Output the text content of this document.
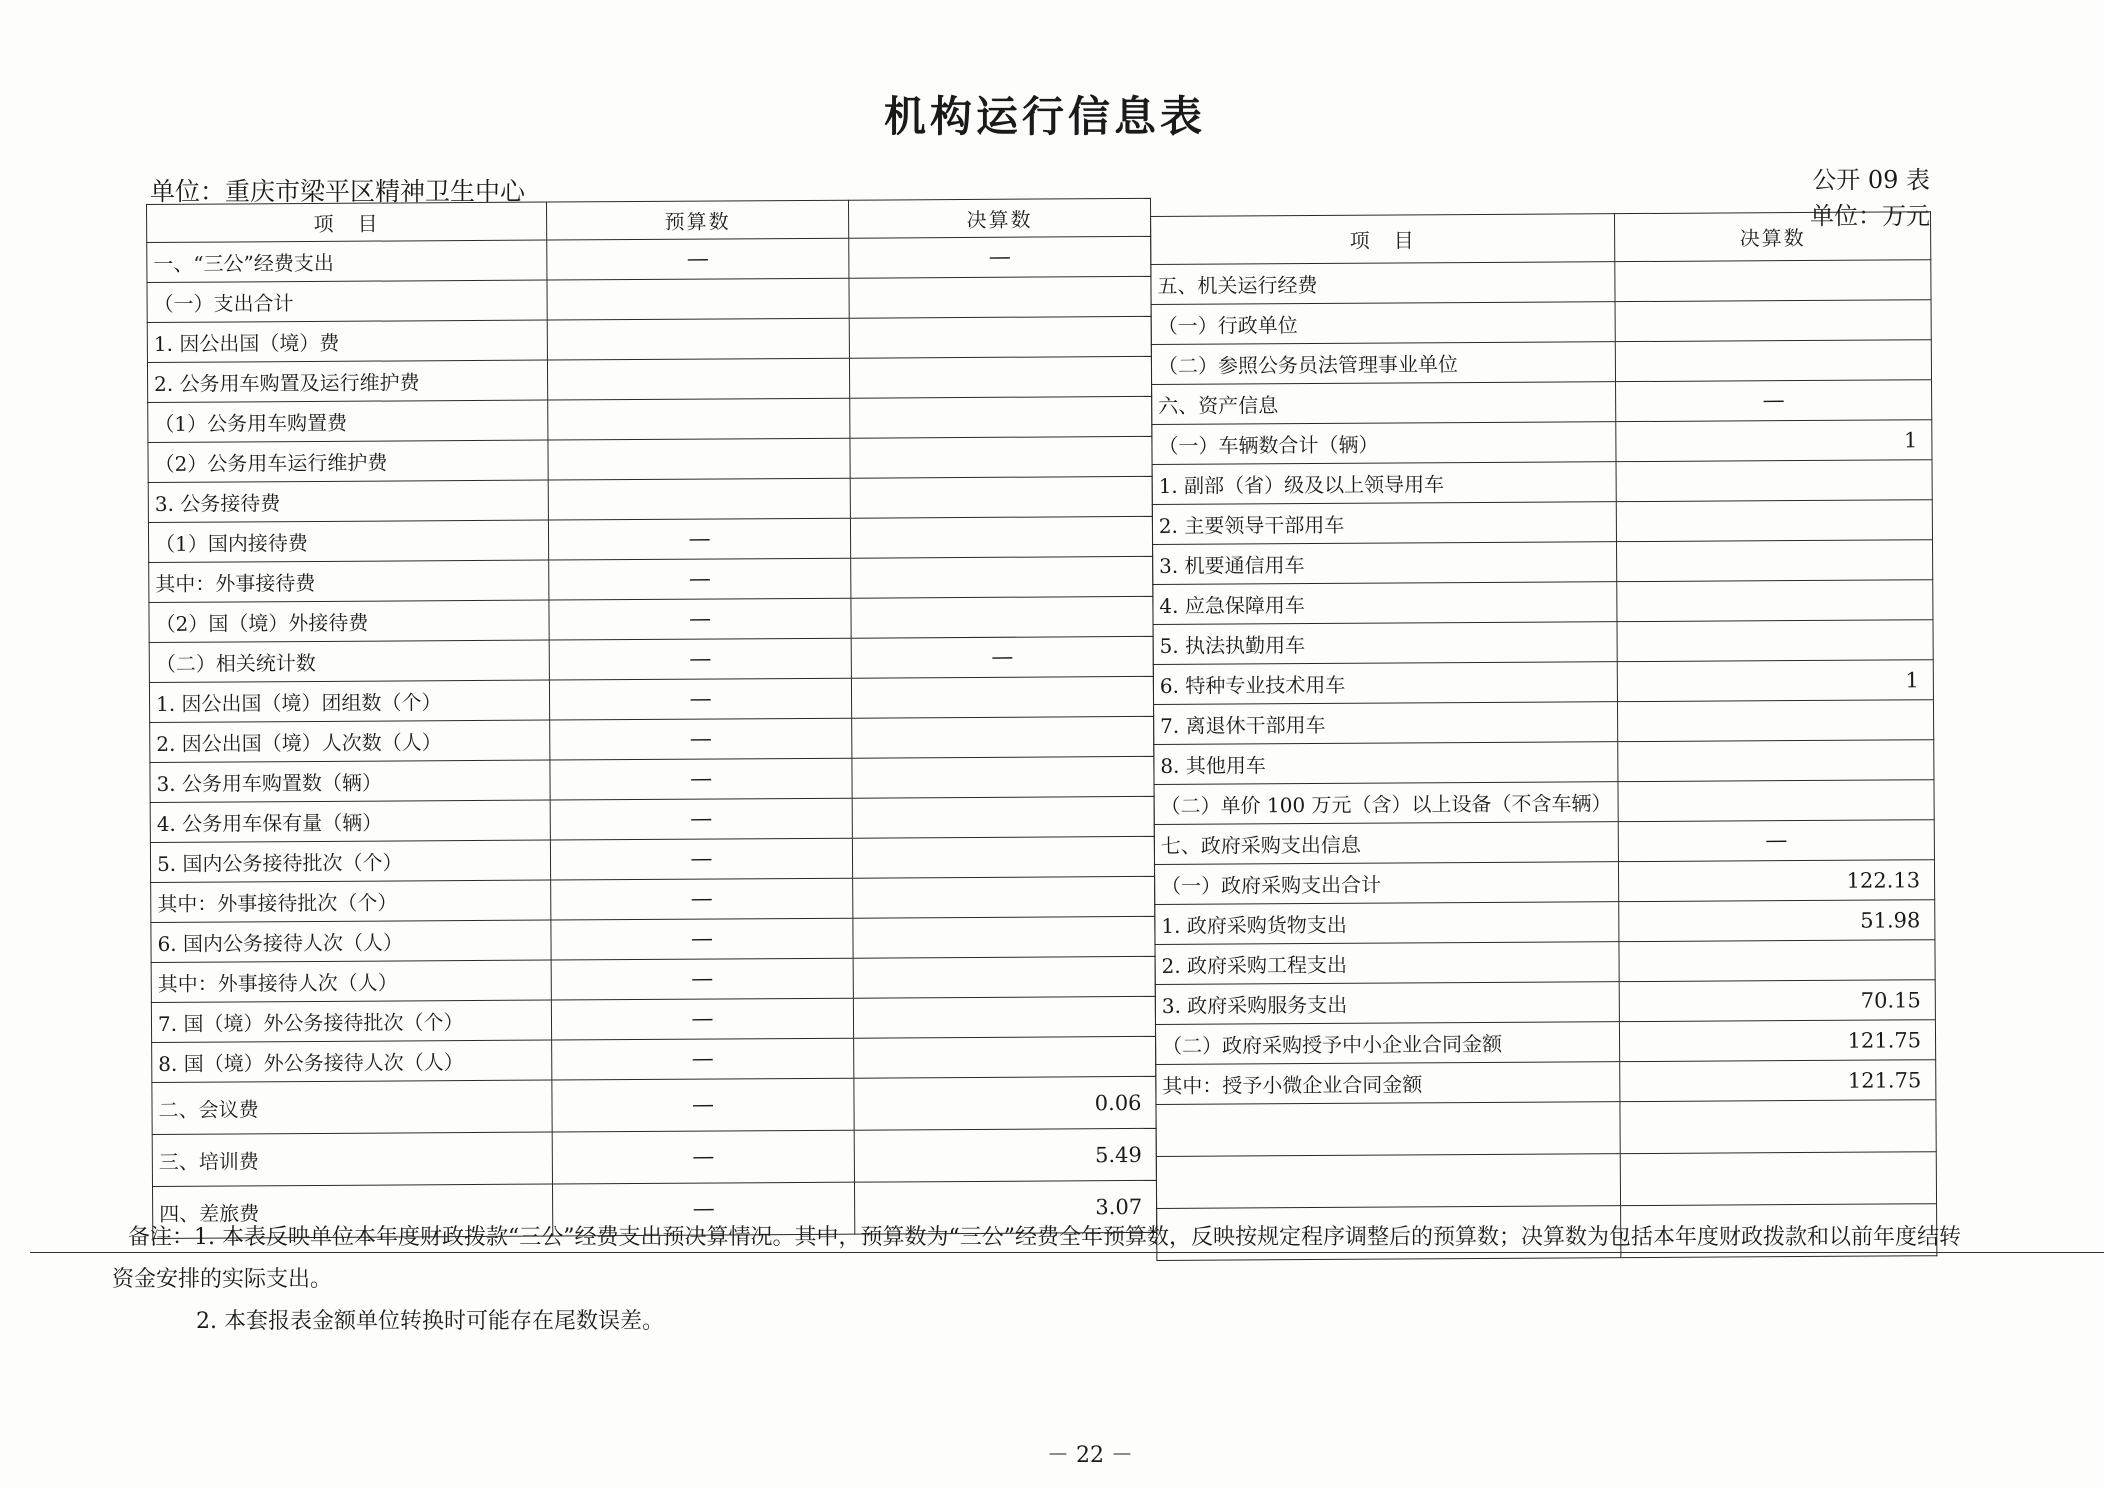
机构运行信息表
单位：重庆市梁平区精神卫生中心	公开 09 表
单位：万元
项　目	预算数	决算数
一、“三公”经费支出	—	—
（一）支出合计		
1. 因公出国（境）费		
2. 公务用车购置及运行维护费		
（1）公务用车购置费		
（2）公务用车运行维护费		
3. 公务接待费		
（1）国内接待费	—	
其中：外事接待费	—	
（2）国（境）外接待费	—	
（二）相关统计数	—	—
1. 因公出国（境）团组数（个）	—	
2. 因公出国（境）人次数（人）	—	
3. 公务用车购置数（辆）	—	
4. 公务用车保有量（辆）	—	
5. 国内公务接待批次（个）	—	
其中：外事接待批次（个）	—	
6. 国内公务接待人次（人）	—	
其中：外事接待人次（人）	—	
7. 国（境）外公务接待批次（个）	—	
8. 国（境）外公务接待人次（人）	—	
二、会议费	—	0.06
三、培训费	—	5.49
四、差旅费	—	3.07
项　目	决算数
五、机关运行经费	
（一）行政单位	
（二）参照公务员法管理事业单位	
六、资产信息	—
（一）车辆数合计（辆）	1
1. 副部（省）级及以上领导用车	
2. 主要领导干部用车	
3. 机要通信用车	
4. 应急保障用车	
5. 执法执勤用车	
6. 特种专业技术用车	1
7. 离退休干部用车	
8. 其他用车	
（二）单价 100 万元（含）以上设备（不含车辆）	
七、政府采购支出信息	—
（一）政府采购支出合计	122.13
1. 政府采购货物支出	51.98
2. 政府采购工程支出	
3. 政府采购服务支出	70.15
（二）政府采购授予中小企业合同金额	121.75
其中：授予小微企业合同金额	121.75

备注：1. 本表反映单位本年度财政拨款“三公”经费支出预决算情况。其中，预算数为“三公”经费全年预算数，反映按规定程序调整后的预算数；决算数为包括本年度财政拨款和以前年度结转
资金安排的实际支出。
2. 本套报表金额单位转换时可能存在尾数误差。
－ 22 －
